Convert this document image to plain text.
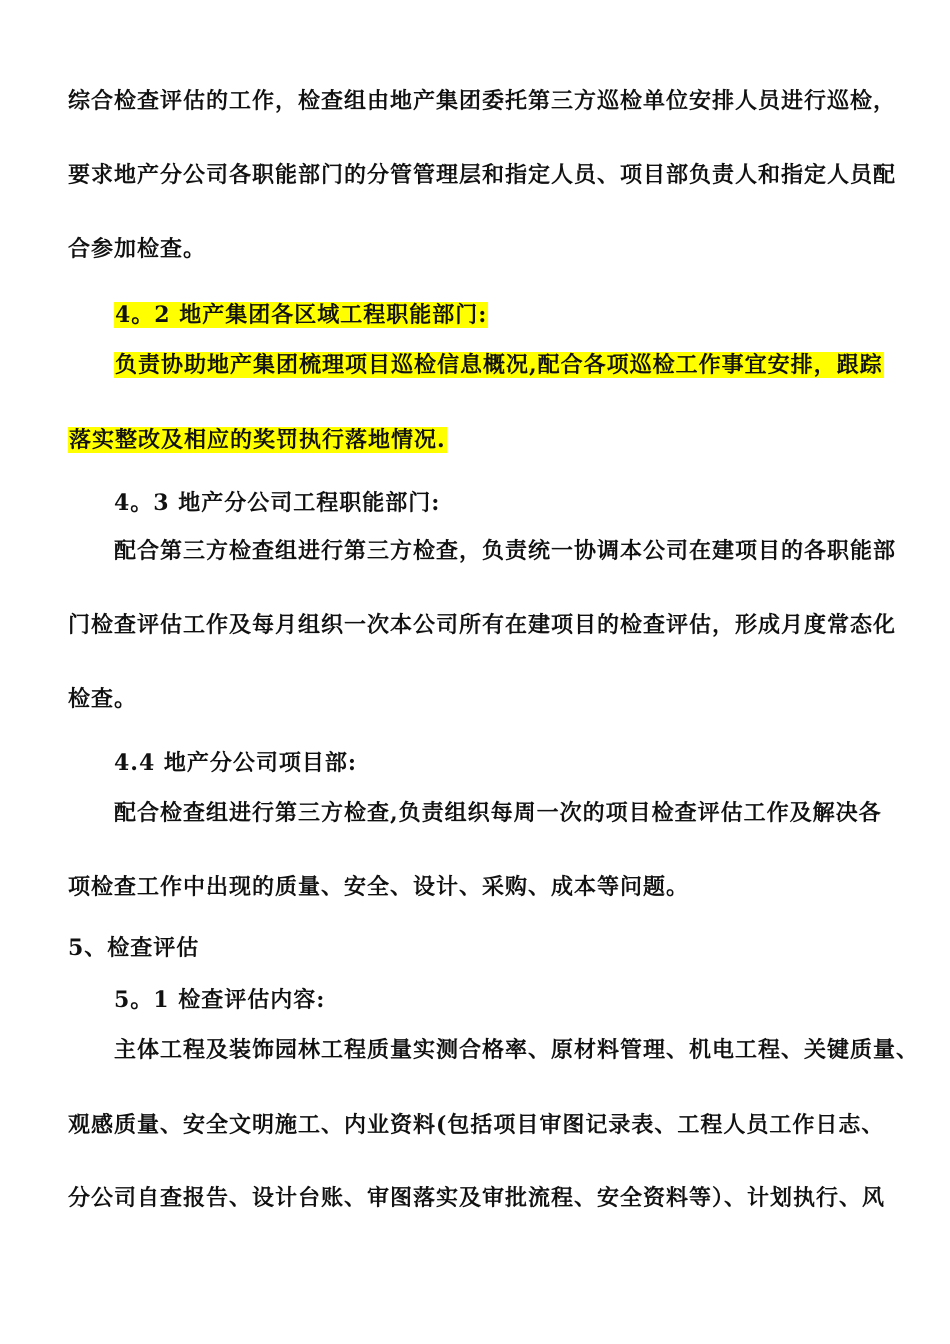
综合检查评估的工作，检查组由地产集团委托第三方巡检单位安排人员进行巡检，
要求地产分公司各职能部门的分管管理层和指定人员、项目部负责人和指定人员配
合参加检查。
4。2 地产集团各区域工程职能部门:
负责协助地产集团梳理项目巡检信息概况,配合各项巡检工作事宜安排，跟踪
落实整改及相应的奖罚执行落地情况.
4。3 地产分公司工程职能部门:
配合第三方检查组进行第三方检查，负责统一协调本公司在建项目的各职能部
门检查评估工作及每月组织一次本公司所有在建项目的检查评估，形成月度常态化
检查。
4.4 地产分公司项目部:
配合检查组进行第三方检查,负责组织每周一次的项目检查评估工作及解决各
项检查工作中出现的质量、安全、设计、采购、成本等问题。
5、检查评估
5。1 检查评估内容:
主体工程及装饰园林工程质量实测合格率、原材料管理、机电工程、关键质量、
观感质量、安全文明施工、内业资料(包括项目审图记录表、工程人员工作日志、
分公司自查报告、设计台账、审图落实及审批流程、安全资料等）、计划执行、风
